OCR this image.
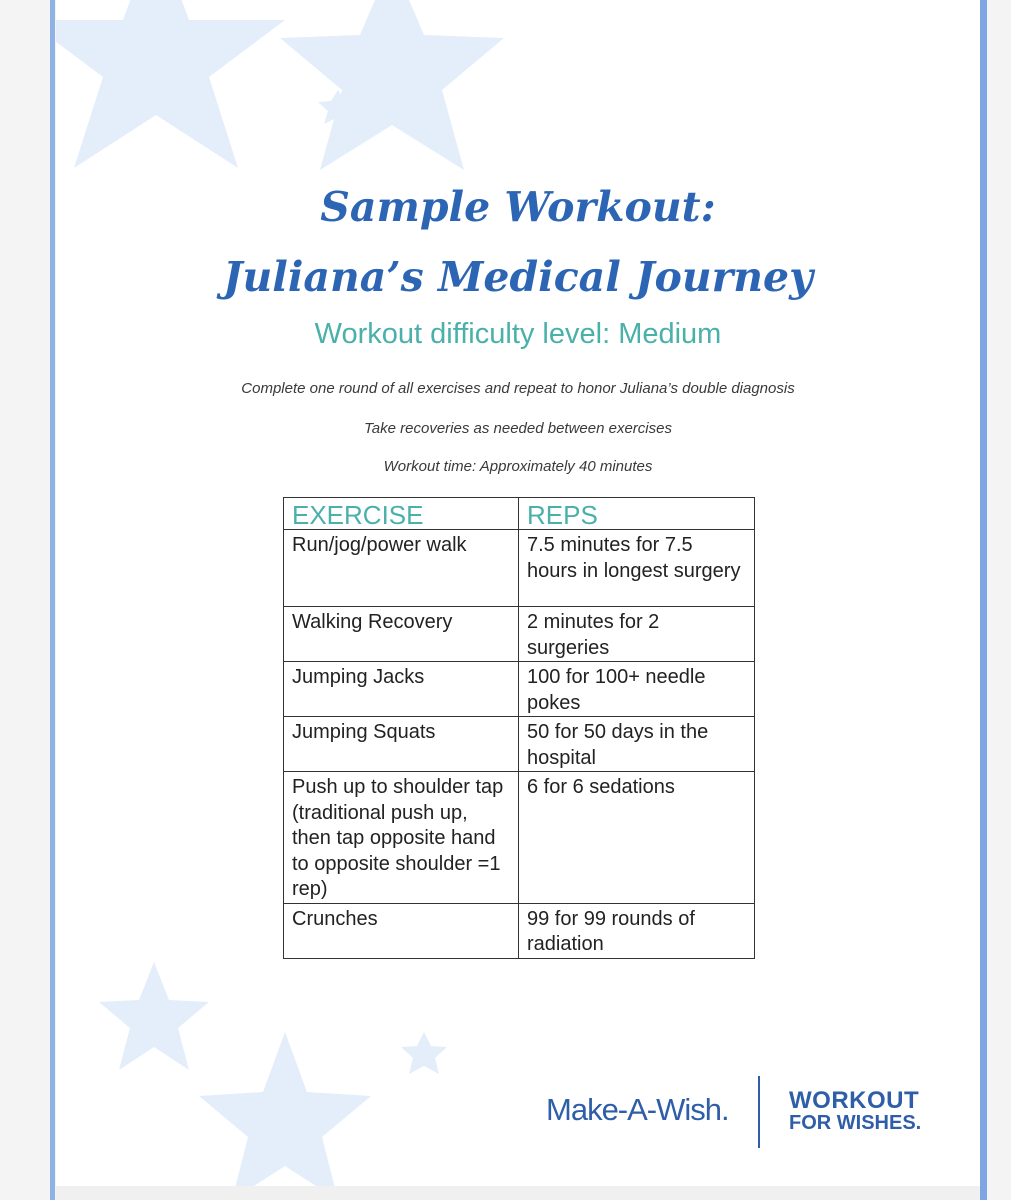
Sample Workout:
Juliana’s Medical Journey
Workout difficulty level: Medium
Complete one round of all exercises and repeat to honor Juliana’s double diagnosis
Take recoveries as needed between exercises
Workout time: Approximately 40 minutes
EXERCISE	REPS
Run/jog/power walk	7.5 minutes for 7.5 hours in longest surgery
Walking Recovery	2 minutes for 2 surgeries
Jumping Jacks	100 for 100+ needle pokes
Jumping Squats	50 for 50 days in the hospital
Push up to shoulder tap (traditional push up, then tap opposite hand to opposite shoulder =1 rep)	6 for 6 sedations
Crunches	99 for 99 rounds of radiation
Make-A-Wish.	WORKOUT
FOR WISHES.
